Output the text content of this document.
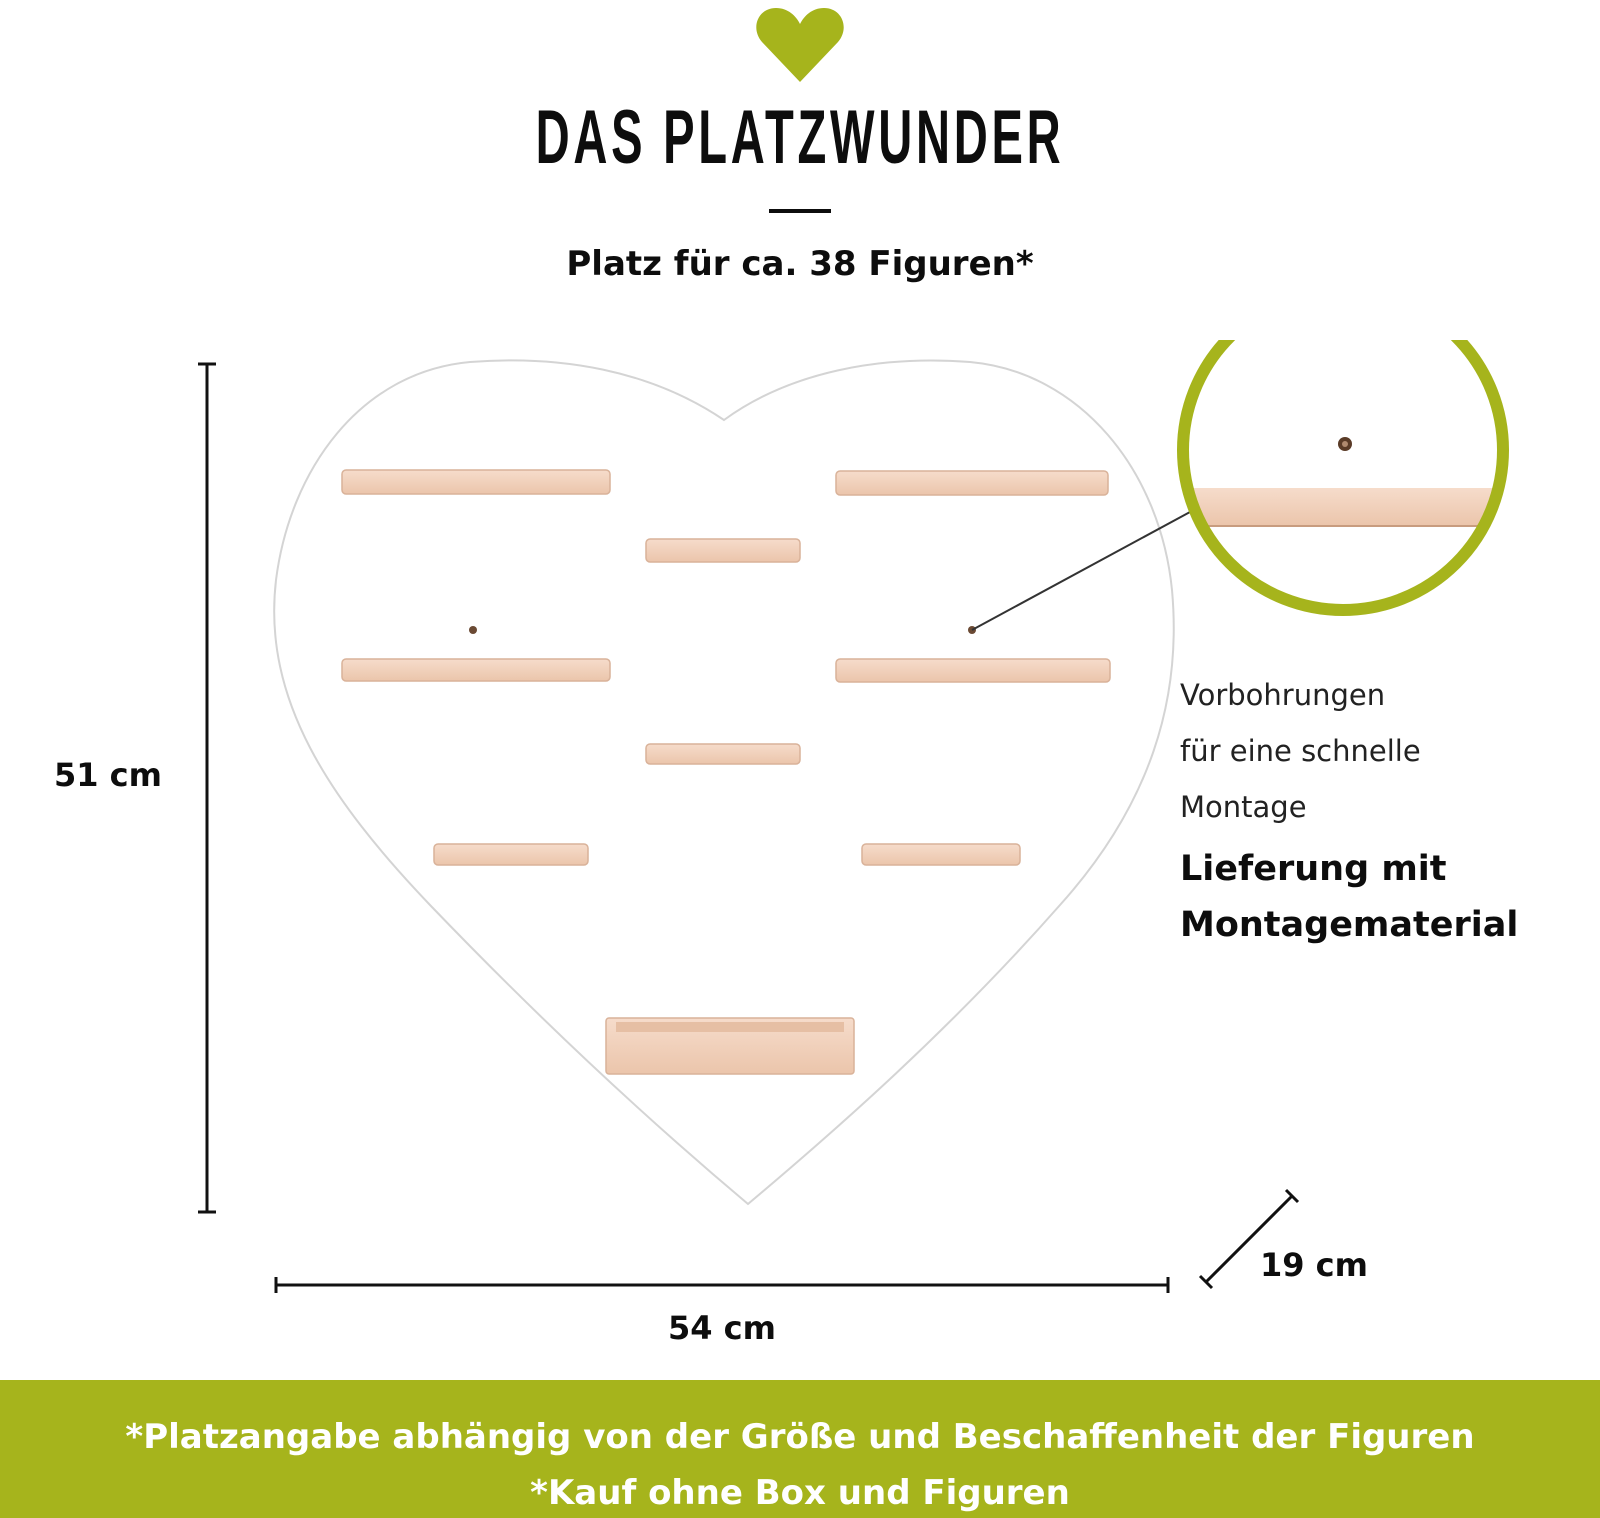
DAS PLATZWUNDER
Platz für ca. 38 Figuren*
51 cm
54 cm
19 cm
Vorbohrungen
für eine schnelle
Montage
Lieferung mit
Montagematerial
*Platzangabe abhängig von der Größe und Beschaffenheit der Figuren
*Kauf ohne Box und Figuren
